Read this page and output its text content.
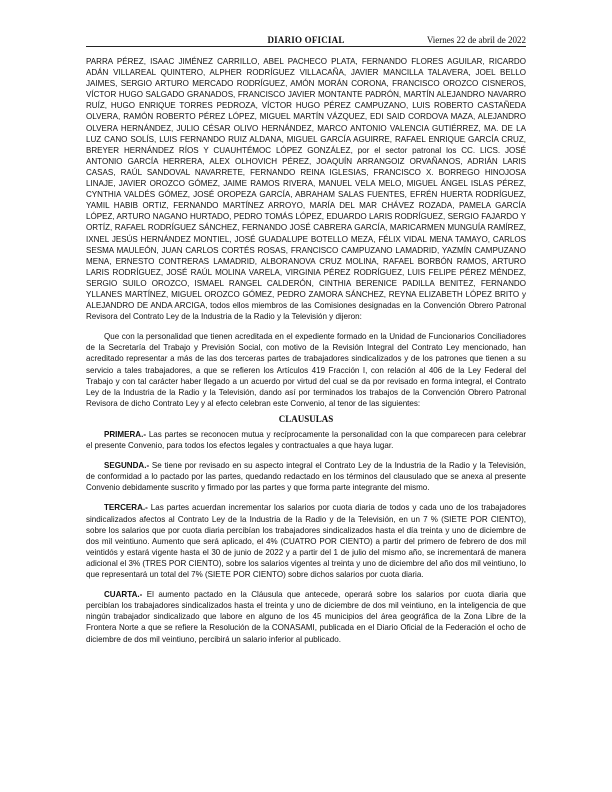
DIARIO OFICIAL	Viernes 22 de abril de 2022

PARRA PÉREZ, ISAAC JIMÉNEZ CARRILLO, ABEL PACHECO PLATA, FERNANDO FLORES AGUILAR, RICARDO ADÁN VILLAREAL QUINTERO, ALPHER RODRÍGUEZ VILLACAÑA, JAVIER MANCILLA TALAVERA, JOEL BELLO JAIMES, SERGIO ARTURO MERCADO RODRÍGUEZ, AMÓN MORÁN CORONA, FRANCISCO OROZCO CISNEROS, VÍCTOR HUGO SALGADO GRANADOS, FRANCISCO JAVIER MONTANTE PADRÓN, MARTÍN ALEJANDRO NAVARRO RUÍZ, HUGO ENRIQUE TORRES PEDROZA, VÍCTOR HUGO PÉREZ CAMPUZANO, LUIS ROBERTO CASTAÑEDA OLVERA, RAMÓN ROBERTO PÉREZ LÓPEZ, MIGUEL MARTÍN VÁZQUEZ, EDI SAID CORDOVA MAZA, ALEJANDRO OLVERA HERNÁNDEZ, JULIO CÉSAR OLIVO HERNÁNDEZ, MARCO ANTONIO VALENCIA GUTIÉRREZ, MA. DE LA LUZ CANO SOLÍS, LUIS FERNANDO RUIZ ALDANA, MIGUEL GARCÍA AGUIRRE, RAFAEL ENRIQUE GARCÍA CRUZ, BREYER HERNÁNDEZ RÍOS Y CUAUHTÉMOC LÓPEZ GONZÁLEZ, por el sector patronal los CC. LICS. JOSÉ ANTONIO GARCÍA HERRERA, ALEX OLHOVICH PÉREZ, JOAQUÍN ARRANGOIZ ORVAÑANOS, ADRIÁN LARIS CASAS, RAÚL SANDOVAL NAVARRETE, FERNANDO REINA IGLESIAS, FRANCISCO X. BORREGO HINOJOSA LINAJE, JAVIER OROZCO GÓMEZ, JAIME RAMOS RIVERA, MANUEL VELA MELO, MIGUEL ÁNGEL ISLAS PÉREZ, CYNTHIA VALDÉS GÓMEZ, JOSÉ OROPEZA GARCÍA, ABRAHAM SALAS FUENTES, EFRÉN HUERTA RODRÍGUEZ, YAMIL HABIB ORTIZ, FERNANDO MARTÍNEZ ARROYO, MARÍA DEL MAR CHÁVEZ ROZADA, PAMELA GARCÍA LÓPEZ, ARTURO NAGANO HURTADO, PEDRO TOMÁS LÓPEZ, EDUARDO LARIS RODRÍGUEZ, SERGIO FAJARDO Y ORTÍZ, RAFAEL RODRÍGUEZ SÁNCHEZ, FERNANDO JOSÉ CABRERA GARCÍA, MARICARMEN MUNGUÍA RAMÍREZ, IXNEL JESÚS HERNÁNDEZ MONTIEL, JOSÉ GUADALUPE BOTELLO MEZA, FÉLIX VIDAL MENA TAMAYO, CARLOS SESMA MAULEÓN, JUAN CARLOS CORTÉS ROSAS, FRANCISCO CAMPUZANO LAMADRID, YAZMÍN CAMPUZANO MENA, ERNESTO CONTRERAS LAMADRID, ALBORANOVA CRUZ MOLINA, RAFAEL BORBÓN RAMOS, ARTURO LARIS RODRÍGUEZ, JOSÉ RAÚL MOLINA VARELA, VIRGINIA PÉREZ RODRÍGUEZ, LUIS FELIPE PÉREZ MÉNDEZ, SERGIO SUILO OROZCO, ISMAEL RANGEL CALDERÓN, CINTHIA BERENICE PADILLA BENITEZ, FERNANDO YLLANES MARTÍNEZ, MIGUEL OROZCO GÓMEZ, PEDRO ZAMORA SÁNCHEZ, REYNA ELIZABETH LÓPEZ BRITO y ALEJANDRO DE ANDA ARCIGA, todos ellos miembros de las Comisiones designadas en la Convención Obrero Patronal Revisora del Contrato Ley de la Industria de la Radio y la Televisión y dijeron:

Que con la personalidad que tienen acreditada en el expediente formado en la Unidad de Funcionarios Conciliadores de la Secretaría del Trabajo y Previsión Social, con motivo de la Revisión Integral del Contrato Ley mencionado, han acreditado representar a más de las dos terceras partes de trabajadores sindicalizados y de los patrones que tienen a su servicio a tales trabajadores, a que se refieren los Artículos 419 Fracción I, con relación al 406 de la Ley Federal del Trabajo y con tal carácter haber llegado a un acuerdo por virtud del cual se da por revisado en forma integral, el Contrato Ley de la Industria de la Radio y la Televisión, dando así por terminados los trabajos de la Convención Obrero Patronal Revisora de dicho Contrato Ley y al efecto celebran este Convenio, al tenor de las siguientes:

CLAUSULAS

PRIMERA.- Las partes se reconocen mutua y recíprocamente la personalidad con la que comparecen para celebrar el presente Convenio, para todos los efectos legales y contractuales a que haya lugar.

SEGUNDA.- Se tiene por revisado en su aspecto integral el Contrato Ley de la Industria de la Radio y la Televisión, de conformidad a lo pactado por las partes, quedando redactado en los términos del clausulado que se anexa al presente Convenio debidamente suscrito y firmado por las partes y que forma parte integrante del mismo.

TERCERA.- Las partes acuerdan incrementar los salarios por cuota diaria de todos y cada uno de los trabajadores sindicalizados afectos al Contrato Ley de la Industria de la Radio y de la Televisión, en un 7 % (SIETE POR CIENTO), sobre los salarios que por cuota diaria percibían los trabajadores sindicalizados hasta el día treinta y uno de diciembre de dos mil veintiuno. Aumento que será aplicado, el 4% (CUATRO POR CIENTO) a partir del primero de febrero de dos mil veintidós y estará vigente hasta el 30 de junio de 2022 y a partir del 1 de julio del mismo año, se incrementará de manera adicional el 3% (TRES POR CIENTO), sobre los salarios vigentes al treinta y uno de diciembre del año dos mil veintiuno, lo que representará un total del 7% (SIETE POR CIENTO) sobre dichos salarios por cuota diaria.

CUARTA.- El aumento pactado en la Cláusula que antecede, operará sobre los salarios por cuota diaria que percibían los trabajadores sindicalizados hasta el treinta y uno de diciembre de dos mil veintiuno, en la inteligencia de que ningún trabajador sindicalizado que labore en alguno de los 45 municipios del área geográfica de la Zona Libre de la Frontera Norte a que se refiere la Resolución de la CONASAMI, publicada en el Diario Oficial de la Federación el ocho de diciembre de dos mil veintiuno, percibirá un salario inferior al publicado.
